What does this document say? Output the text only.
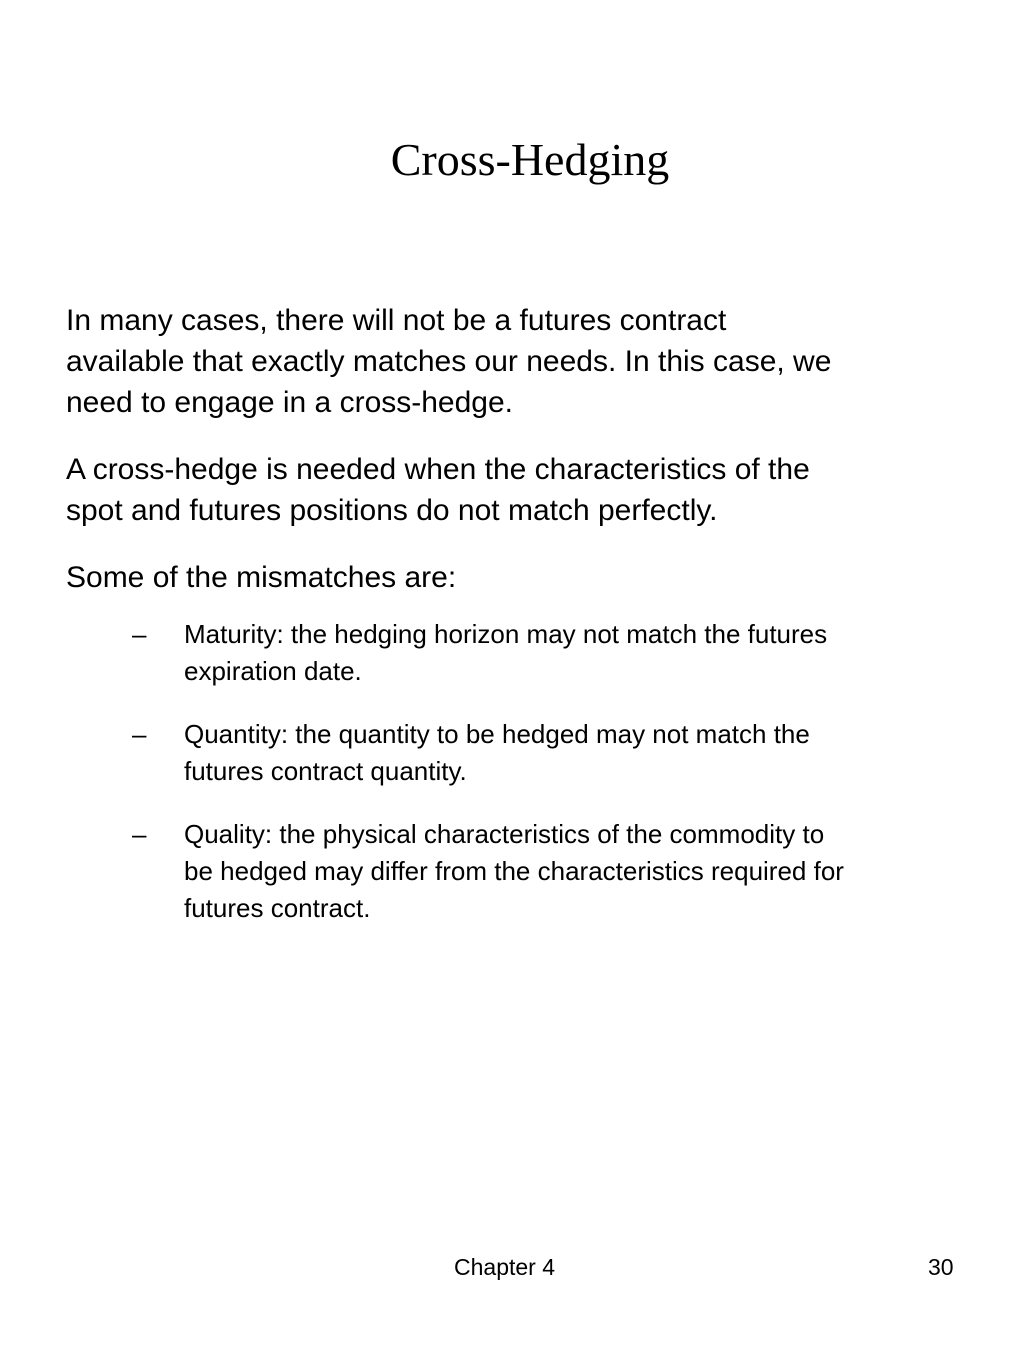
Cross-Hedging

In many cases, there will not be a futures contract
available that exactly matches our needs. In this case, we
need to engage in a cross-hedge.

A cross-hedge is needed when the characteristics of the
spot and futures positions do not match perfectly.

Some of the mismatches are:

– Maturity: the hedging horizon may not match the futures
expiration date.
– Quantity: the quantity to be hedged may not match the
futures contract quantity.
– Quality: the physical characteristics of the commodity to
be hedged may differ from the characteristics required for
futures contract.
Chapter 4	30
